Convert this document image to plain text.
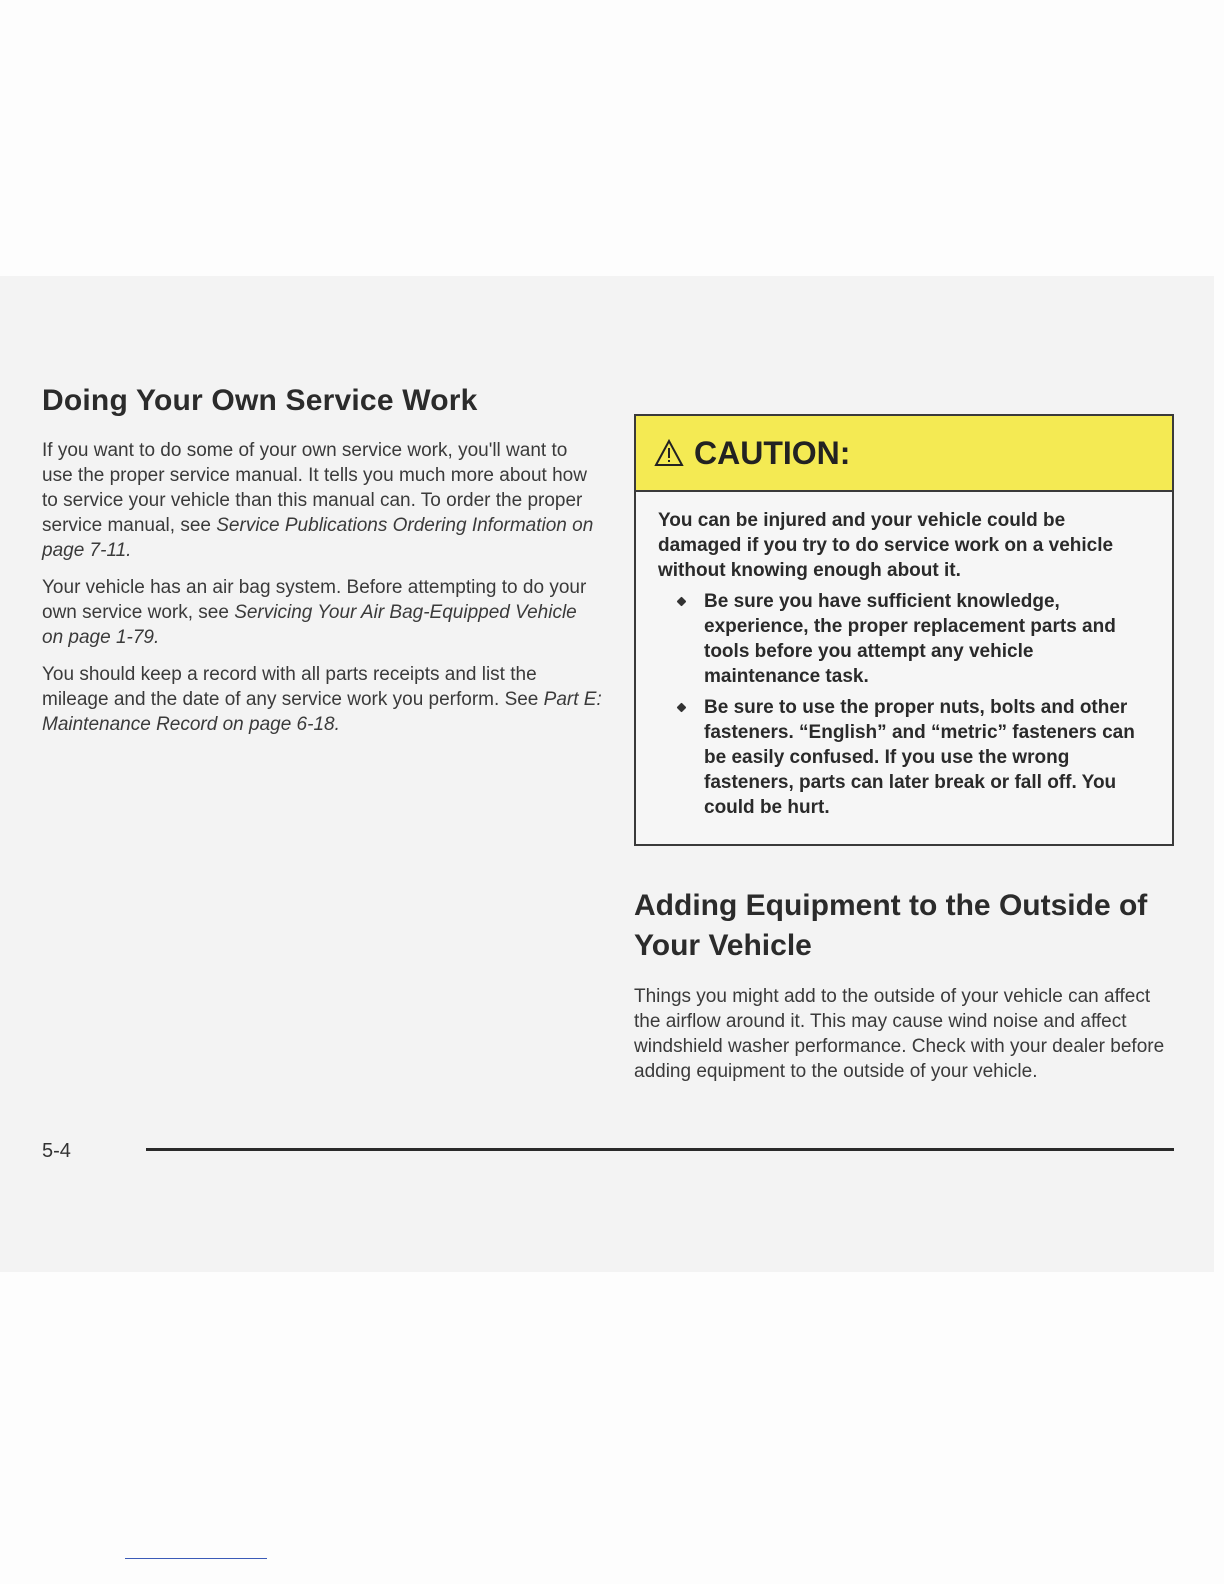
Doing Your Own Service Work

If you want to do some of your own service work, you'll want to use the proper service manual. It tells you much more about how to service your vehicle than this manual can. To order the proper service manual, see Service Publications Ordering Information on page 7-11.

Your vehicle has an air bag system. Before attempting to do your own service work, see Servicing Your Air Bag-Equipped Vehicle on page 1-79.

You should keep a record with all parts receipts and list the mileage and the date of any service work you perform. See Part E: Maintenance Record on page 6-18.

CAUTION:

You can be injured and your vehicle could be damaged if you try to do service work on a vehicle without knowing enough about it.

Be sure you have sufficient knowledge, experience, the proper replacement parts and tools before you attempt any vehicle maintenance task.
Be sure to use the proper nuts, bolts and other fasteners. “English” and “metric” fasteners can be easily confused. If you use the wrong fasteners, parts can later break or fall off. You could be hurt.
Adding Equipment to the Outside of Your Vehicle

Things you might add to the outside of your vehicle can affect the airflow around it. This may cause wind noise and affect windshield washer performance. Check with your dealer before adding equipment to the outside of your vehicle.

5-4
